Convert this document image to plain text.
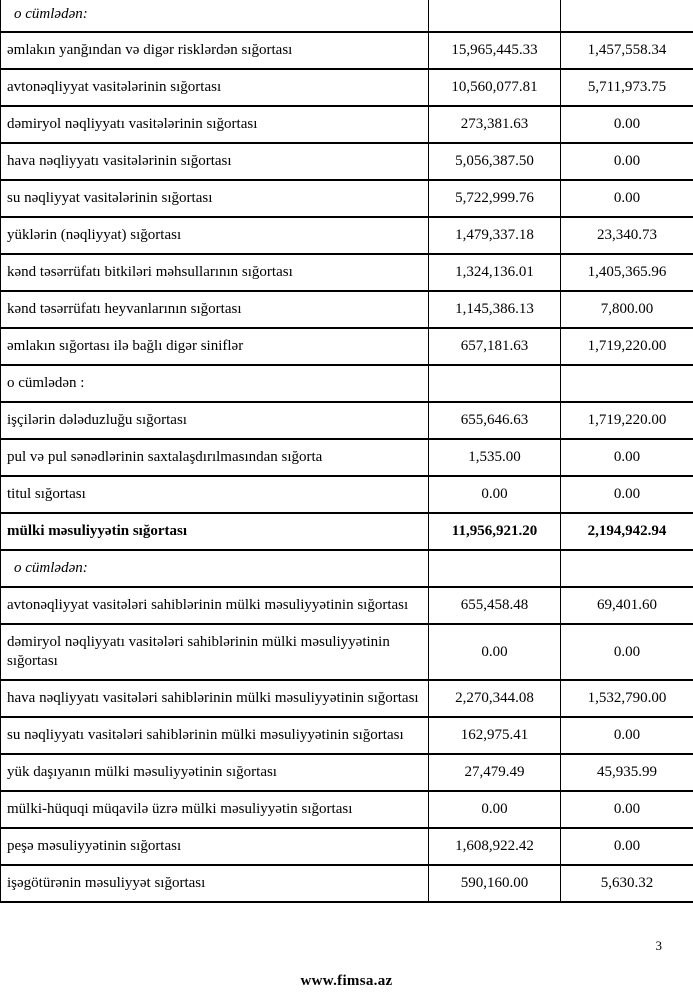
o cümlədən:		
əmlakın yanğından və digər risklərdən sığortası	15,965,445.33	1,457,558.34
avtonəqliyyat vasitələrinin sığortası	10,560,077.81	5,711,973.75
dəmiryol nəqliyyatı vasitələrinin sığortası	273,381.63	0.00
hava nəqliyyatı vasitələrinin sığortası	5,056,387.50	0.00
su nəqliyyat vasitələrinin sığortası	5,722,999.76	0.00
yüklərin (nəqliyyat) sığortası	1,479,337.18	23,340.73
kənd təsərrüfatı bitkiləri məhsullarının sığortası	1,324,136.01	1,405,365.96
kənd təsərrüfatı heyvanlarının sığortası	1,145,386.13	7,800.00
əmlakın sığortası ilə bağlı digər siniflər	657,181.63	1,719,220.00
o cümlədən :		
işçilərin dələduzluğu sığortası	655,646.63	1,719,220.00
pul və pul sənədlərinin saxtalaşdırılmasından sığorta	1,535.00	0.00
titul sığortası	0.00	0.00
mülki məsuliyyətin sığortası	11,956,921.20	2,194,942.94
o cümlədən:		
avtonəqliyyat vasitələri sahiblərinin mülki məsuliyyətinin sığortası	655,458.48	69,401.60
dəmiryol nəqliyyatı vasitələri sahiblərinin mülki məsuliyyətinin sığortası	0.00	0.00
hava nəqliyyatı vasitələri sahiblərinin mülki məsuliyyətinin sığortası	2,270,344.08	1,532,790.00
su nəqliyyatı vasitələri sahiblərinin mülki məsuliyyətinin sığortası	162,975.41	0.00
yük daşıyanın mülki məsuliyyətinin sığortası	27,479.49	45,935.99
mülki-hüquqi müqavilə üzrə mülki məsuliyyətin sığortası	0.00	0.00
peşə məsuliyyətinin sığortası	1,608,922.42	0.00
işəgötürənin məsuliyyət sığortası	590,160.00	5,630.32
3
www.fimsa.az
